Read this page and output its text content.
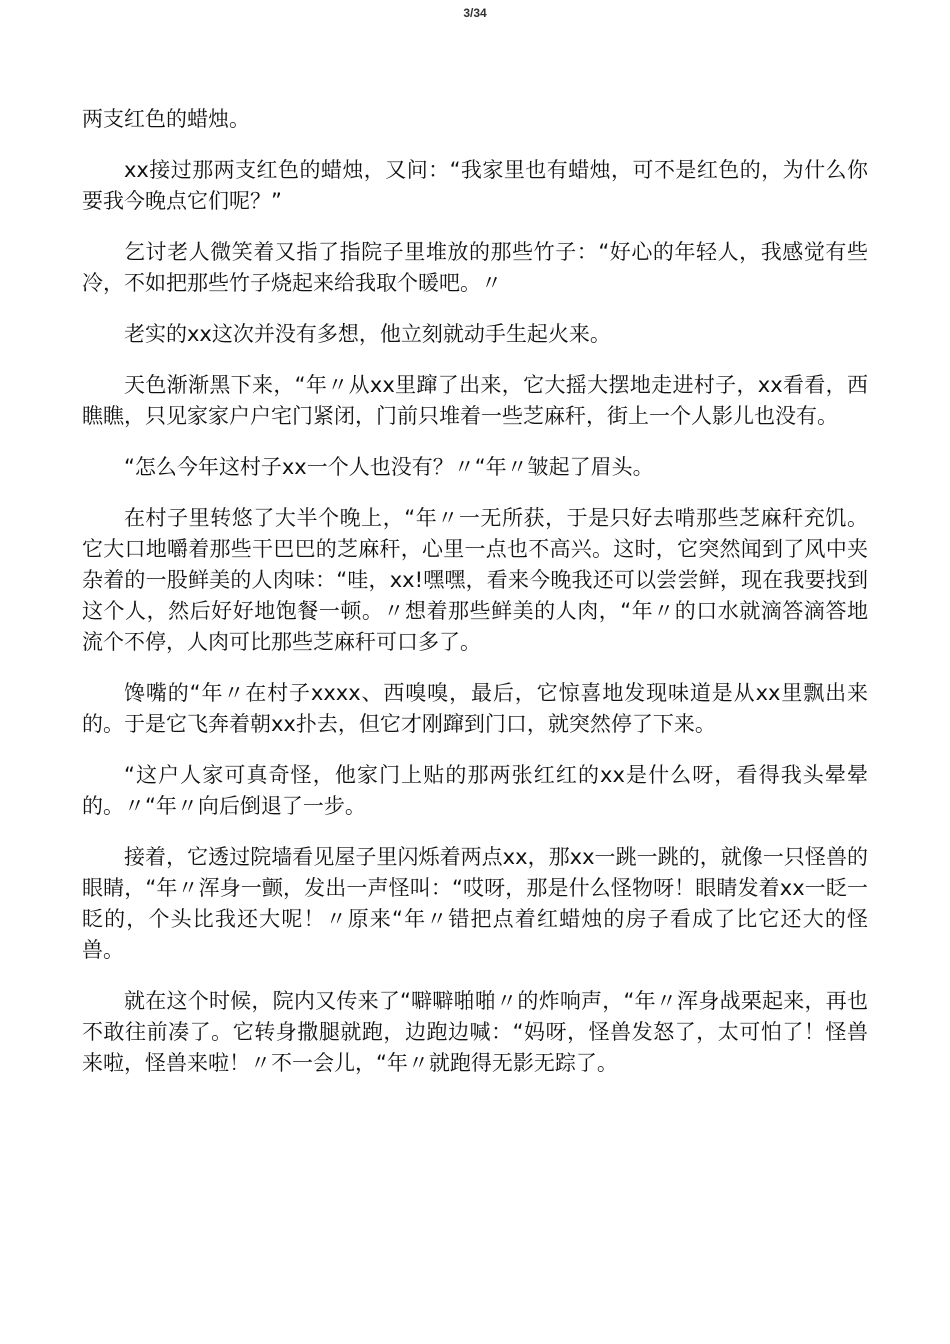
3/34

两支红色的蜡烛。

xx接过那两支红色的蜡烛，又问：“我家里也有蜡烛，可不是红色的，为什么你要我今晚点它们呢？”

乞讨老人微笑着又指了指院子里堆放的那些竹子：“好心的年轻人，我感觉有些冷，不如把那些竹子烧起来给我取个暖吧。〃

老实的xx这次并没有多想，他立刻就动手生起火来。

天色渐渐黑下来，“年〃从xx里蹿了出来，它大摇大摆地走进村子，xx看看，西瞧瞧，只见家家户户宅门紧闭，门前只堆着一些芝麻秆，街上一个人影儿也没有。

“怎么今年这村子xx一个人也没有？〃“年〃皱起了眉头。

在村子里转悠了大半个晚上，“年〃一无所获，于是只好去啃那些芝麻秆充饥。它大口地嚼着那些干巴巴的芝麻秆，心里一点也不高兴。这时，它突然闻到了风中夹杂着的一股鲜美的人肉味：“哇，xx!嘿嘿，看来今晚我还可以尝尝鲜，现在我要找到这个人，然后好好地饱餐一顿。〃想着那些鲜美的人肉，“年〃的口水就滴答滴答地流个不停，人肉可比那些芝麻秆可口多了。

馋嘴的“年〃在村子xxxx、西嗅嗅，最后，它惊喜地发现味道是从xx里飘出来的。于是它飞奔着朝xx扑去，但它才刚蹿到门口，就突然停了下来。

“这户人家可真奇怪，他家门上贴的那两张红红的xx是什么呀，看得我头晕晕的。〃“年〃向后倒退了一步。

接着，它透过院墙看见屋子里闪烁着两点xx，那xx一跳一跳的，就像一只怪兽的眼睛，“年〃浑身一颤，发出一声怪叫：“哎呀，那是什么怪物呀！眼睛发着xx一眨一眨的，个头比我还大呢！〃原来“年〃错把点着红蜡烛的房子看成了比它还大的怪兽。

就在这个时候，院内又传来了“噼噼啪啪〃的炸响声，“年〃浑身战栗起来，再也不敢往前凑了。它转身撒腿就跑，边跑边喊：“妈呀，怪兽发怒了，太可怕了！怪兽来啦，怪兽来啦！〃不一会儿，“年〃就跑得无影无踪了。
